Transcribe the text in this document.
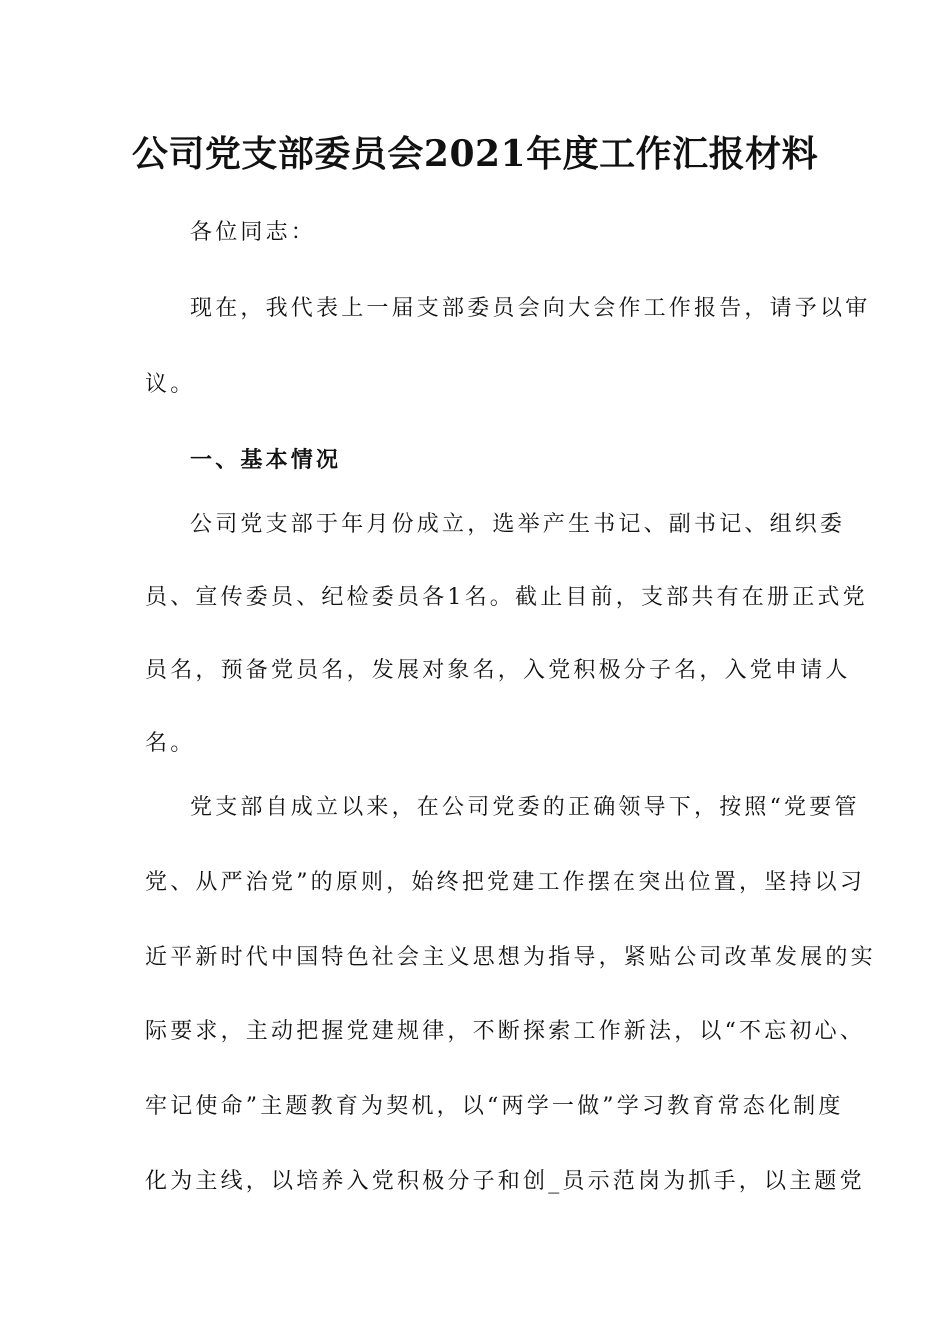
公司党支部委员会2021年度工作汇报材料
各位同志：
现在，我代表上一届支部委员会向大会作工作报告，请予以审
议。
一、基本情况
公司党支部于年月份成立，选举产生书记、副书记、组织委
员、宣传委员、纪检委员各1名。截止目前，支部共有在册正式党
员名，预备党员名，发展对象名，入党积极分子名，入党申请人
名。
党支部自成立以来，在公司党委的正确领导下，按照“党要管
党、从严治党”的原则，始终把党建工作摆在突出位置，坚持以习
近平新时代中国特色社会主义思想为指导，紧贴公司改革发展的实
际要求，主动把握党建规律，不断探索工作新法，以“不忘初心、
牢记使命”主题教育为契机，以“两学一做”学习教育常态化制度
化为主线，以培养入党积极分子和创_员示范岗为抓手，以主题党
